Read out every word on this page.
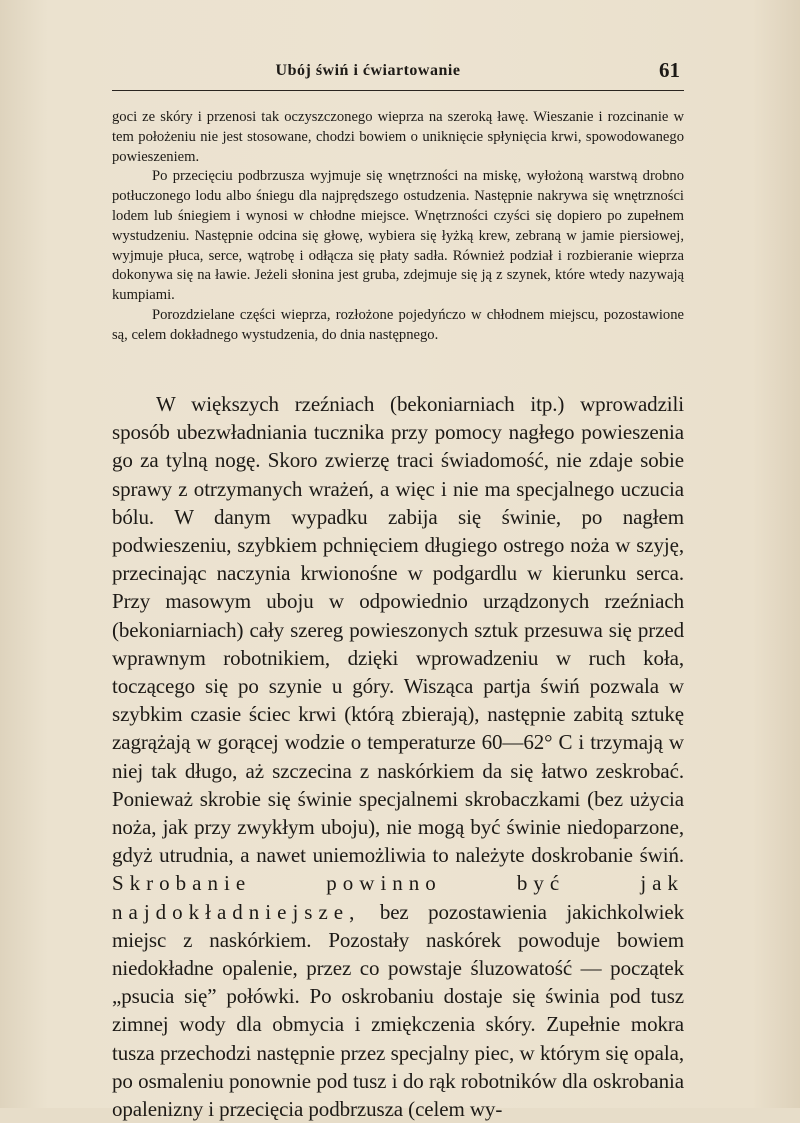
Ubój świń i ćwiartowanie	61

goci ze skóry i przenosi tak oczyszczonego wieprza na szeroką ławę. Wieszanie i rozcinanie w tem położeniu nie jest stosowane, chodzi bowiem o uniknięcie spłynięcia krwi, spowodowanego powieszeniem.

Po przecięciu podbrzusza wyjmuje się wnętrzności na miskę, wyłożoną warstwą drobno potłuczonego lodu albo śniegu dla najprędszego ostudzenia. Następnie nakrywa się wnętrzności lodem lub śniegiem i wynosi w chłodne miejsce. Wnętrzności czyści się dopiero po zupełnem wystudzeniu. Następnie odcina się głowę, wybiera się łyżką krew, zebraną w jamie piersiowej, wyjmuje płuca, serce, wątrobę i odłącza się płaty sadła. Również podział i rozbieranie wieprza dokonywa się na ławie. Jeżeli słonina jest gruba, zdejmuje się ją z szynek, które wtedy nazywają kumpiami.

Porozdzielane części wieprza, rozłożone pojedyńczo w chłodnem miejscu, pozostawione są, celem dokładnego wystudzenia, do dnia następnego.

W większych rzeźniach (bekoniarniach itp.) wprowadzili sposób ubezwładniania tucznika przy pomocy nagłego powieszenia go za tylną nogę. Skoro zwierzę traci świadomość, nie zdaje sobie sprawy z otrzymanych wrażeń, a więc i nie ma specjalnego uczucia bólu. W danym wypadku zabija się świnie, po nagłem podwieszeniu, szybkiem pchnięciem długiego ostrego noża w szyję, przecinając naczynia krwionośne w podgardlu w kierunku serca. Przy masowym uboju w odpowiednio urządzonych rzeźniach (bekoniarniach) cały szereg powieszonych sztuk przesuwa się przed wprawnym robotnikiem, dzięki wprowadzeniu w ruch koła, toczącego się po szynie u góry. Wisząca partja świń pozwala w szybkim czasie ściec krwi (którą zbierają), następnie zabitą sztukę zagrążają w gorącej wodzie o temperaturze 60—62° C i trzymają w niej tak długo, aż szczecina z naskórkiem da się łatwo zeskrobać. Ponieważ skrobie się świnie specjalnemi skrobaczkami (bez użycia noża, jak przy zwykłym uboju), nie mogą być świnie niedoparzone, gdyż utrudnia, a nawet uniemożliwia to należyte doskrobanie świń. Skrobanie powinno być jak najdokładniejsze, bez pozostawienia jakichkolwiek miejsc z naskórkiem. Pozostały naskórek powoduje bowiem niedokładne opalenie, przez co powstaje śluzowatość — początek „psucia się” połówki. Po oskrobaniu dostaje się świnia pod tusz zimnej wody dla obmycia i zmiękczenia skóry. Zupełnie mokra tusza przechodzi następnie przez specjalny piec, w którym się opala, po osmaleniu ponownie pod tusz i do rąk robotników dla oskrobania opalenizny i przecięcia podbrzusza (celem wy-
